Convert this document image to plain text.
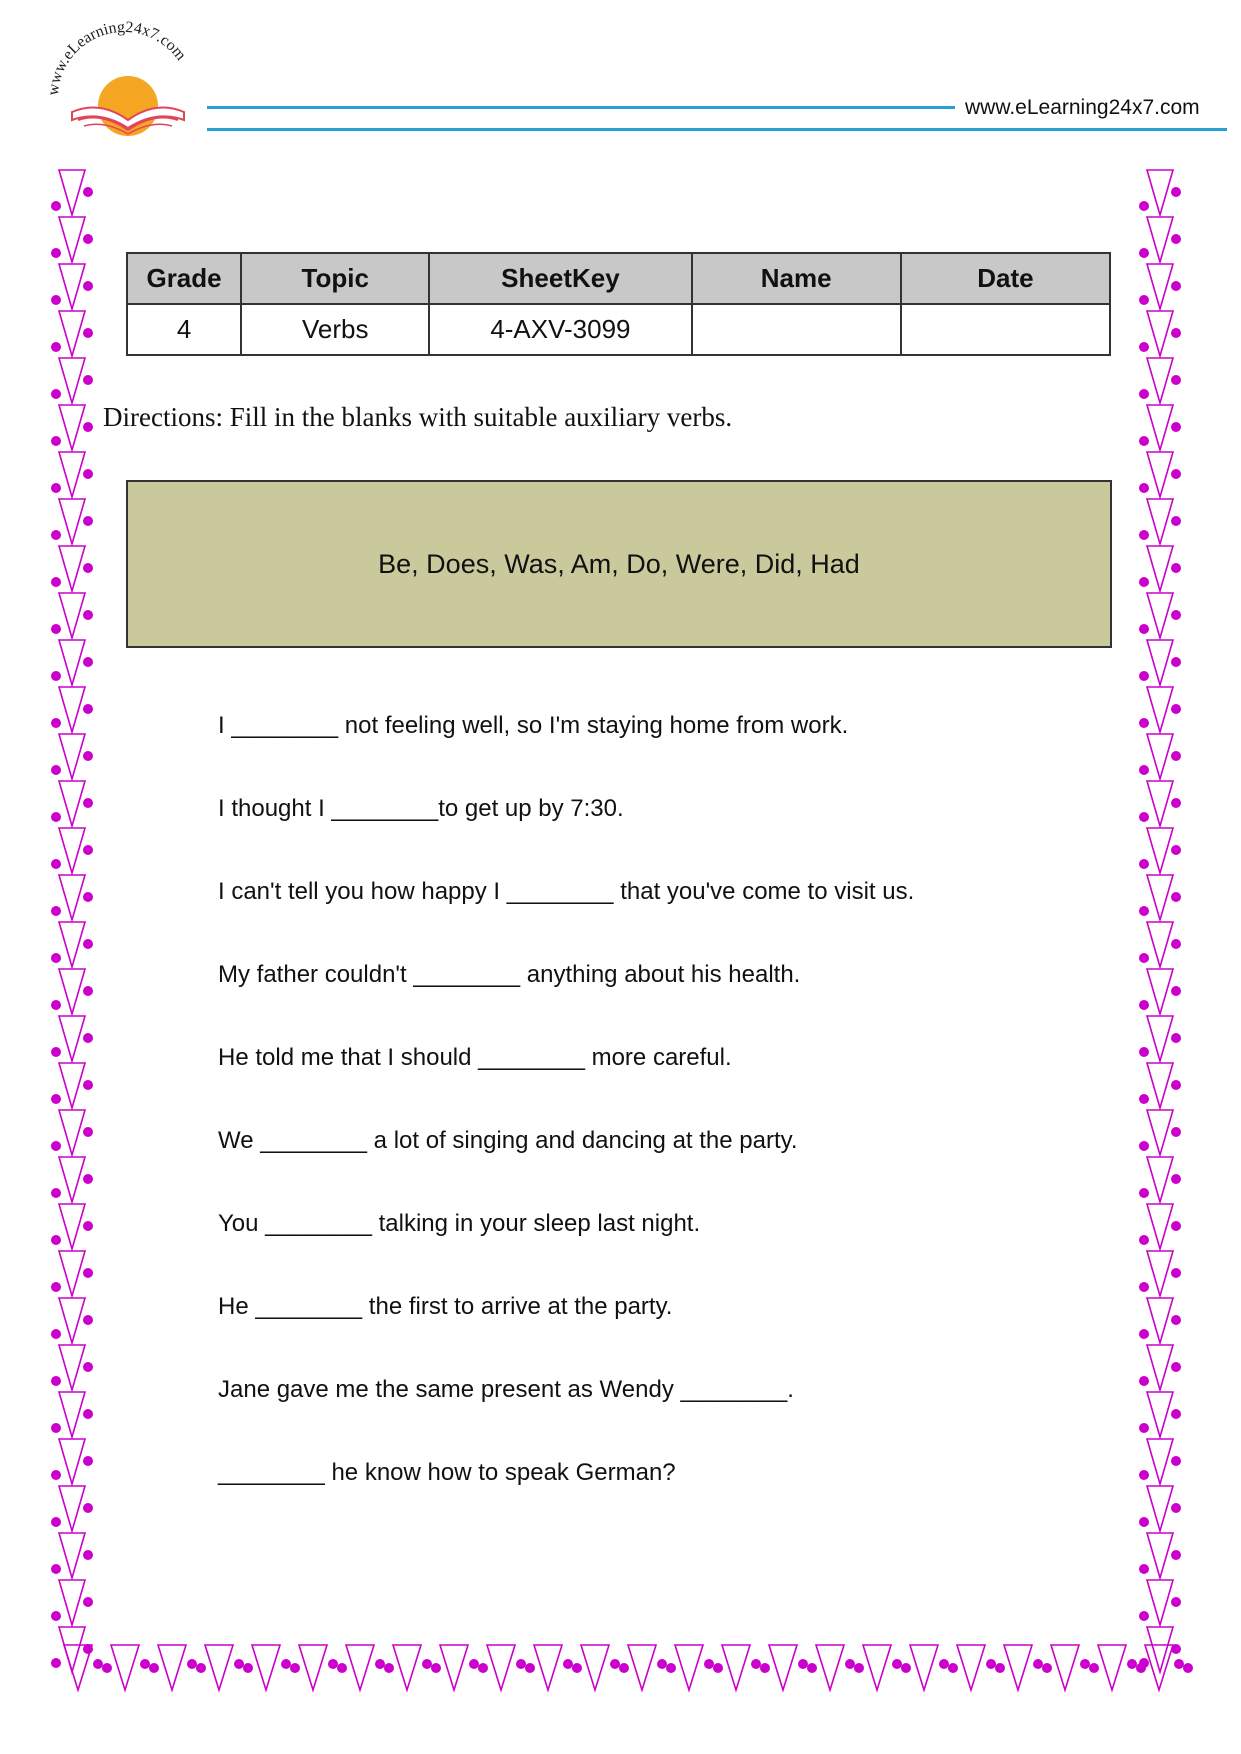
www.eLearning24x7.com
www.eLearning24x7.com
Grade	Topic	SheetKey	Name	Date
4	Verbs	4-AXV-3099		
Directions: Fill in the blanks with suitable auxiliary verbs.
Be, Does, Was, Am, Do, Were, Did, Had
I ________ not feeling well, so I'm staying home from work.
I thought I ________to get up by 7:30.
I can't tell you how happy I ________ that you've come to visit us.
My father couldn't ________ anything about his health.
He told me that I should ________ more careful.
We ________ a lot of singing and dancing at the party.
You ________ talking in your sleep last night.
He ________ the first to arrive at the party.
Jane gave me the same present as Wendy ________.
________ he know how to speak German?
